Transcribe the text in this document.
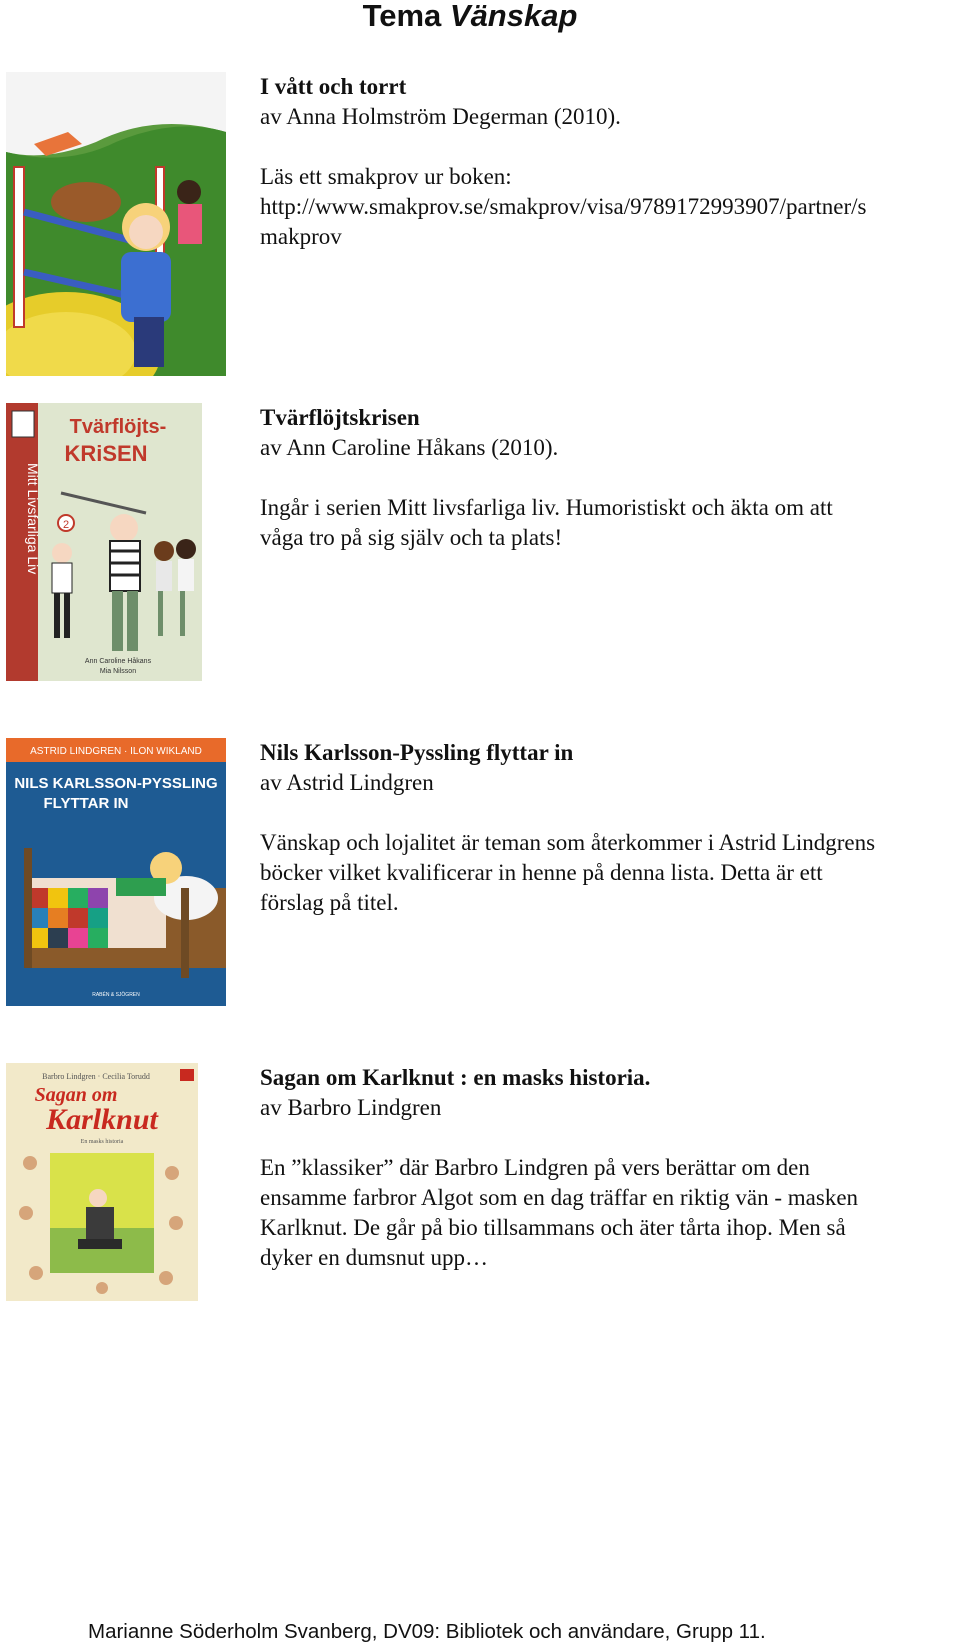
Tema Vänskap

I vått och torrt

av Anna Holmström Degerman (2010).

Läs ett smakprov ur boken:

http://www.smakprov.se/smakprov/visa/9789172993907/partner/s

makprov

Tvärflöjts-
KRiSEN
Mitt Livsfarliga Liv 2
Ann Caroline Håkans
Mia Nilsson

Tvärflöjtskrisen

av Ann Caroline Håkans (2010).

Ingår i serien Mitt livsfarliga liv. Humoristiskt och äkta om att

våga tro på sig själv och ta plats!

ASTRID LINDGREN · ILON WIKLAND
NILS KARLSSON-PYSSLING
FLYTTAR IN
RABÉN & SJÖGREN

Nils Karlsson-Pyssling flyttar in

av Astrid Lindgren

Vänskap och lojalitet är teman som återkommer i Astrid Lindgrens

böcker vilket kvalificerar in henne på denna lista. Detta är ett

förslag på titel.

Barbro Lindgren · Cecilia Torudd
Sagan om
Karlknut
En masks historia

Sagan om Karlknut : en masks historia.

av Barbro Lindgren

En ”klassiker” där Barbro Lindgren på vers berättar om den

ensamme farbror Algot som en dag träffar en riktig vän - masken

Karlknut. De går på bio tillsammans och äter tårta ihop. Men så

dyker en dumsnut upp…

Marianne Söderholm Svanberg, DV09: Bibliotek och användare, Grupp 11.
